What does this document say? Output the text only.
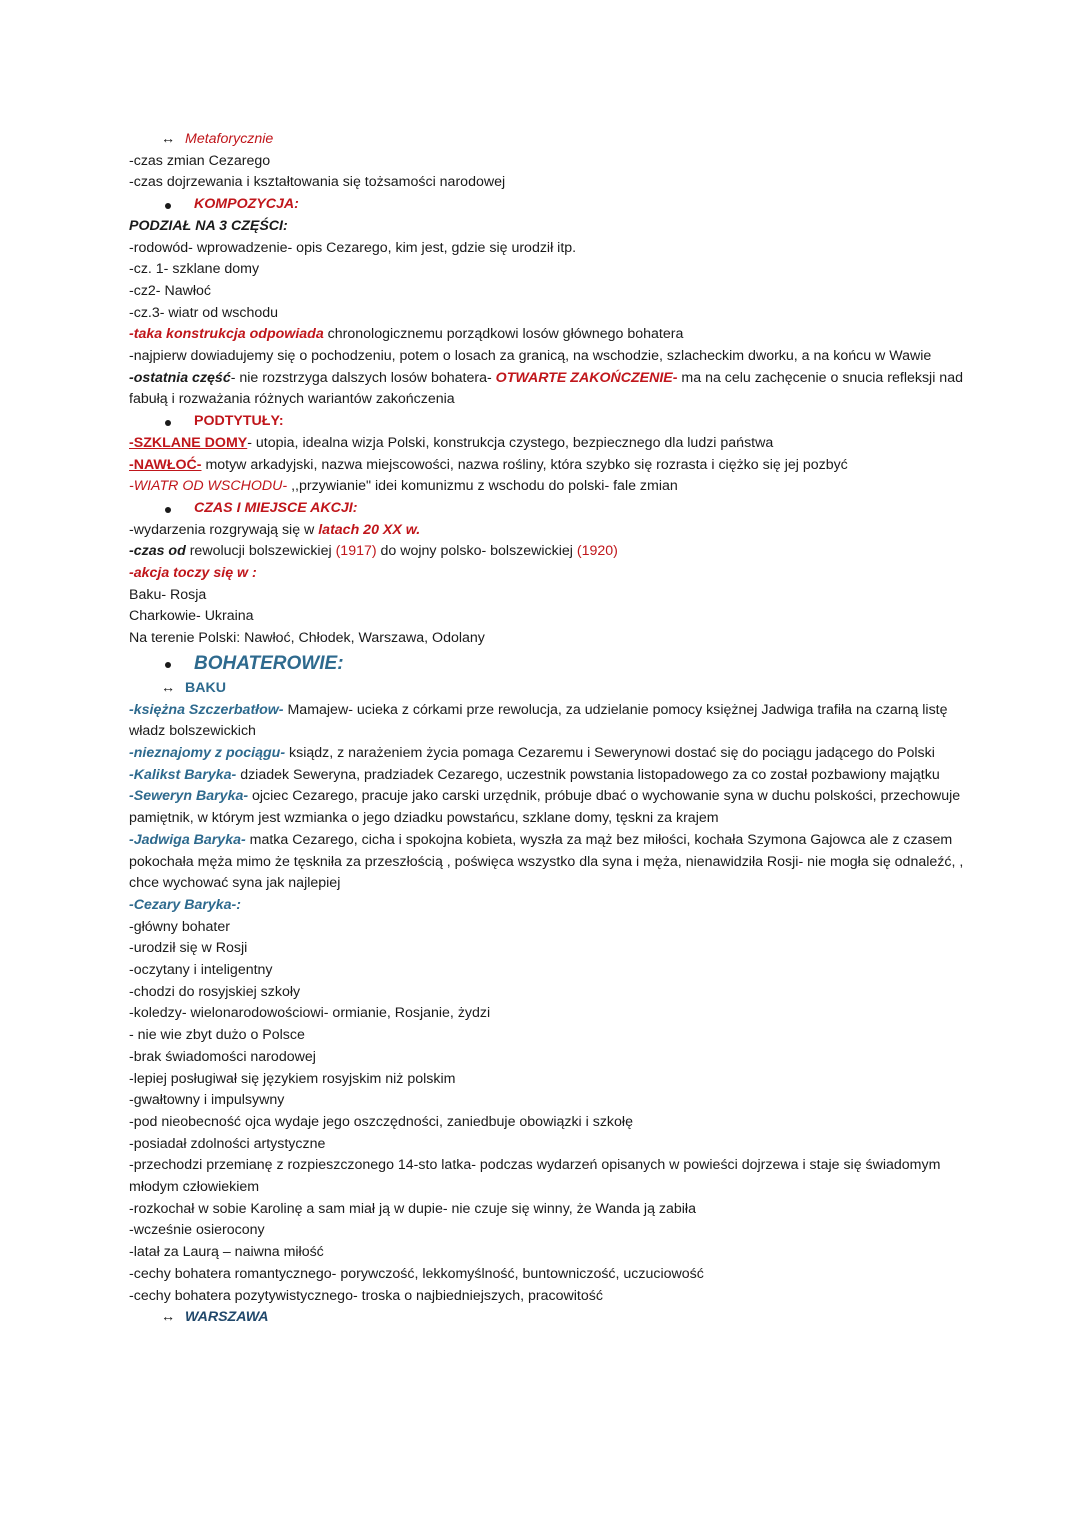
↔ Metaforycznie
-czas zmian Cezarego
-czas dojrzewania i kształtowania się tożsamości narodowej
KOMPOZYCJA:
PODZIAŁ NA 3 CZĘŚCI:
-rodowód- wprowadzenie- opis Cezarego, kim jest, gdzie się urodził itp.
-cz. 1- szklane domy
-cz2- Nawłoć
-cz.3- wiatr od wschodu
-taka konstrukcja odpowiada chronologicznemu porządkowi losów głównego bohatera
-najpierw dowiadujemy się o pochodzeniu, potem o losach za granicą, na wschodzie, szlacheckim dworku, a na końcu w Wawie
-ostatnia część- nie rozstrzyga dalszych losów bohatera- OTWARTE ZAKOŃCZENIE- ma na celu zachęcenie o snucia refleksji nad fabułą i rozważania różnych wariantów zakończenia
PODTYTUŁY:
-SZKLANE DOMY- utopia, idealna wizja Polski, konstrukcja czystego, bezpiecznego dla ludzi państwa
-NAWŁOĆ- motyw arkadyjski, nazwa miejscowości, nazwa rośliny, która szybko się rozrasta i ciężko się jej pozbyć
-WIATR OD WSCHODU- ,,przywianie" idei komunizmu z wschodu do polski- fale zmian
CZAS I MIEJSCE AKCJI:
-wydarzenia rozgrywają się w latach 20 XX w.
-czas od rewolucji bolszewickiej (1917) do wojny polsko- bolszewickiej (1920)
-akcja toczy się w :
Baku- Rosja
Charkowie- Ukraina
Na terenie Polski: Nawłoć, Chłodek, Warszawa, Odolany
BOHATEROWIE:
↔ BAKU
-księżna Szczerbatłow- Mamajew- ucieka z córkami prze rewolucja, za udzielanie pomocy księżnej Jadwiga trafiła na czarną listę władz bolszewickich
-nieznajomy z pociągu- ksiądz, z narażeniem życia pomaga Cezaremu i Sewerynowi dostać się do pociągu jadącego do Polski
-Kalikst Baryka- dziadek Seweryna, pradziadek Cezarego, uczestnik powstania listopadowego za co został pozbawiony majątku
-Seweryn Baryka- ojciec Cezarego, pracuje jako carski urzędnik, próbuje dbać o wychowanie syna w duchu polskości, przechowuje pamiętnik, w którym jest wzmianka o jego dziadku powstańcu, szklane domy, tęskni za krajem
-Jadwiga Baryka- matka Cezarego, cicha i spokojna kobieta, wyszła za mąż bez miłości, kochała Szymona Gajowca ale z czasem pokochała męża mimo że tęskniła za przeszłością , poświęca wszystko dla syna i męża, nienawidziła Rosji- nie mogła się odnaleźć, , chce wychować syna jak najlepiej
-Cezary Baryka-:
-główny bohater
-urodził się w Rosji
-oczytany i inteligentny
-chodzi do rosyjskiej szkoły
-koledzy- wielonarodowościowi- ormianie, Rosjanie, żydzi
- nie wie zbyt dużo o Polsce
-brak świadomości narodowej
-lepiej posługiwał się językiem rosyjskim niż polskim
-gwałtowny i impulsywny
-pod nieobecność ojca wydaje jego oszczędności, zaniedbuje obowiązki i szkołę
-posiadał zdolności artystyczne
-przechodzi przemianę z rozpieszczonego 14-sto latka- podczas wydarzeń opisanych w powieści dojrzewa i staje się świadomym młodym człowiekiem
-rozkochał w sobie Karolinę a sam miał ją w dupie- nie czuje się winny, że Wanda ją zabiła
-wcześnie osierocony
-latał za Laurą – naiwna miłość
-cechy bohatera romantycznego- porywczość, lekkomyślność, buntowniczość, uczuciowość
-cechy bohatera pozytywistycznego- troska o najbiedniejszych, pracowitość
↔ WARSZAWA
